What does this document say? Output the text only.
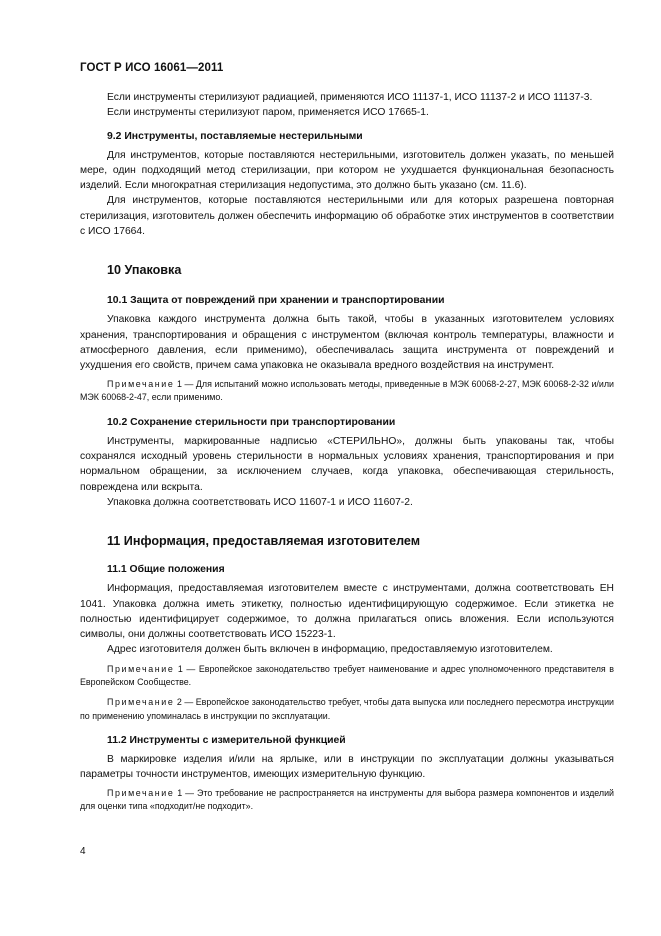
ГОСТ Р ИСО 16061—2011

Если инструменты стерилизуют радиацией, применяются ИСО 11137-1, ИСО 11137-2 и ИСО 11137-3.

Если инструменты стерилизуют паром, применяется ИСО 17665-1.

9.2 Инструменты, поставляемые нестерильными

Для инструментов, которые поставляются нестерильными, изготовитель должен указать, по меньшей мере, один подходящий метод стерилизации, при котором не ухудшается функциональная безопасность изделий. Если многократная стерилизация недопустима, это должно быть указано (см. 11.6).

Для инструментов, которые поставляются нестерильными или для которых разрешена повторная стерилизация, изготовитель должен обеспечить информацию об обработке этих инструментов в соответствии с ИСО 17664.

10 Упаковка
10.1 Защита от повреждений при хранении и транспортировании

Упаковка каждого инструмента должна быть такой, чтобы в указанных изготовителем условиях хранения, транспортирования и обращения с инструментом (включая контроль температуры, влажности и атмосферного давления, если применимо), обеспечивалась защита инструмента от повреждений и ухудшения его свойств, причем сама упаковка не оказывала вредного воздействия на инструмент.

Примечание 1 — Для испытаний можно использовать методы, приведенные в МЭК 60068-2-27, МЭК 60068-2-32 и/или МЭК 60068-2-47, если применимо.

10.2 Сохранение стерильности при транспортировании

Инструменты, маркированные надписью «СТЕРИЛЬНО», должны быть упакованы так, чтобы сохранялся исходный уровень стерильности в нормальных условиях хранения, транспортирования и при нормальном обращении, за исключением случаев, когда упаковка, обеспечивающая стерильность, повреждена или вскрыта.

Упаковка должна соответствовать ИСО 11607-1 и ИСО 11607-2.

11 Информация, предоставляемая изготовителем
11.1 Общие положения

Информация, предоставляемая изготовителем вместе с инструментами, должна соответствовать ЕН 1041. Упаковка должна иметь этикетку, полностью идентифицирующую содержимое. Если этикетка не полностью идентифицирует содержимое, то должна прилагаться опись вложения. Если используются символы, они должны соответствовать ИСО 15223-1.

Адрес изготовителя должен быть включен в информацию, предоставляемую изготовителем.

Примечание 1 — Европейское законодательство требует наименование и адрес уполномоченного представителя в Европейском Сообществе.

Примечание 2 — Европейское законодательство требует, чтобы дата выпуска или последнего пересмотра инструкции по применению упоминалась в инструкции по эксплуатации.

11.2 Инструменты с измерительной функцией

В маркировке изделия и/или на ярлыке, или в инструкции по эксплуатации должны указываться параметры точности инструментов, имеющих измерительную функцию.

Примечание 1 — Это требование не распространяется на инструменты для выбора размера компонентов и изделий для оценки типа «подходит/не подходит».

4
